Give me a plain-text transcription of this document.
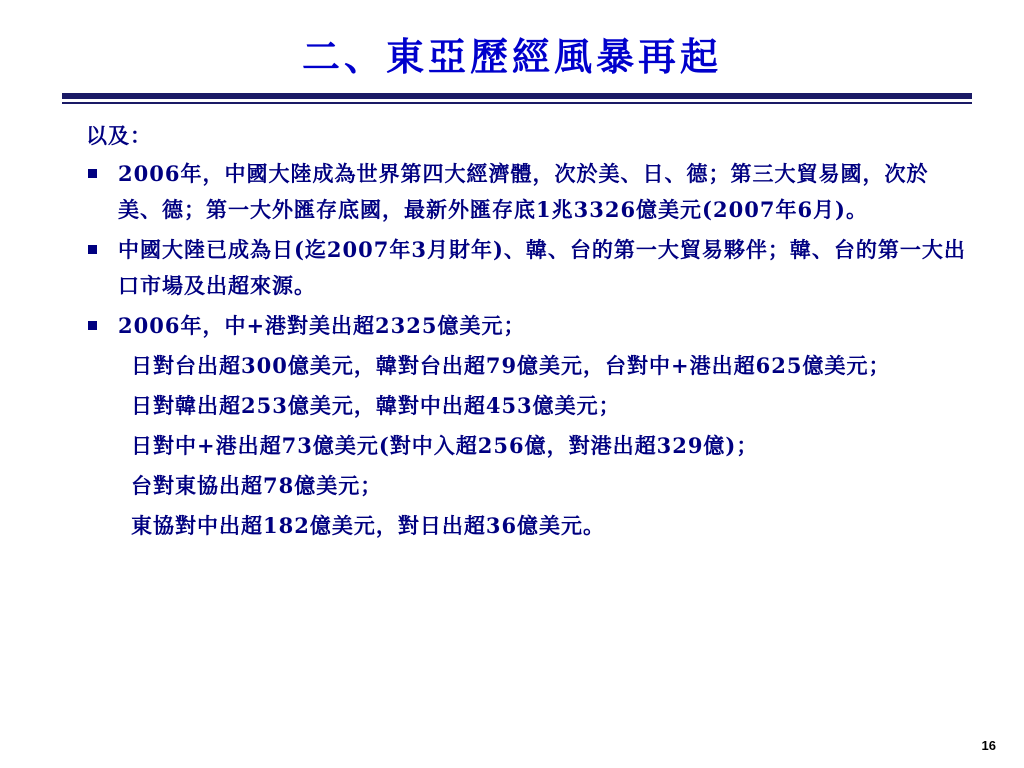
二、東亞歷經風暴再起
以及：
2006年，中國大陸成為世界第四大經濟體，次於美、日、德；第三大貿易國，次於美、德；第一大外匯存底國，最新外匯存底1兆3326億美元(2007年6月)。
中國大陸已成為日(迄2007年3月財年)、韓、台的第一大貿易夥伴；韓、台的第一大出口市場及出超來源。
2006年，中+港對美出超2325億美元；
日對台出超300億美元，韓對台出超79億美元，台對中+港出超625億美元；
日對韓出超253億美元，韓對中出超453億美元；
日對中+港出超73億美元(對中入超256億，對港出超329億)；
台對東協出超78億美元；
東協對中出超182億美元，對日出超36億美元。
16
